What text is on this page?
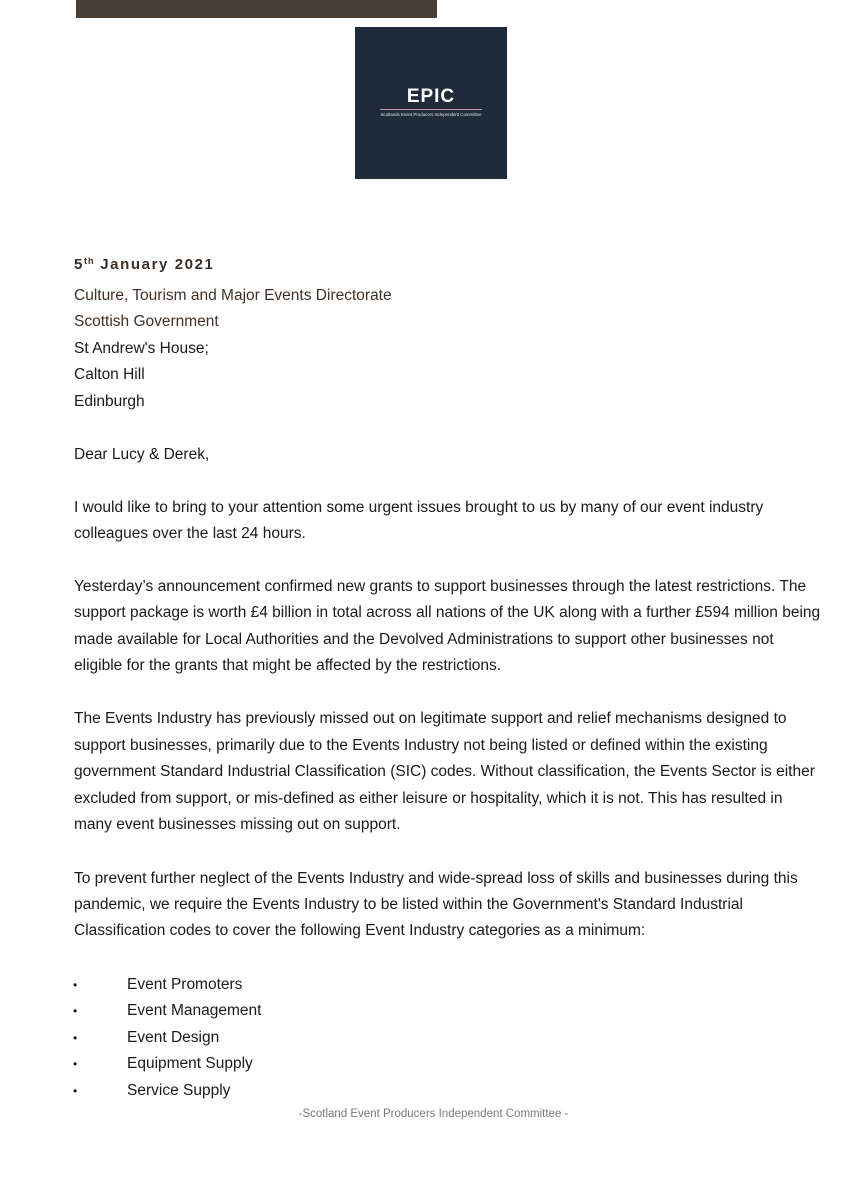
EPIC
Scotlands Event Producers Independent Committee
5th January 2021
Culture, Tourism and Major Events Directorate
Scottish Government
St Andrew's House;
Calton Hill
Edinburgh
Dear Lucy & Derek,
I would like to bring to your attention some urgent issues brought to us by many of our event industry
colleagues over the last 24 hours.
Yesterday’s announcement confirmed new grants to support businesses through the latest restrictions. The
support package is worth £4 billion in total across all nations of the UK along with a further £594 million being
made available for Local Authorities and the Devolved Administrations to support other businesses not
eligible for the grants that might be affected by the restrictions.
The Events Industry has previously missed out on legitimate support and relief mechanisms designed to
support businesses, primarily due to the Events Industry not being listed or defined within the existing
government Standard Industrial Classification (SIC) codes. Without classification, the Events Sector is either
excluded from support, or mis-defined as either leisure or hospitality, which it is not. This has resulted in
many event businesses missing out on support.
To prevent further neglect of the Events Industry and wide-spread loss of skills and businesses during this
pandemic, we require the Events Industry to be listed within the Government's Standard Industrial
Classification codes to cover the following Event Industry categories as a minimum:
•	Event Promoters
•	Event Management
•	Event Design
•	Equipment Supply
•	Service Supply
-Scotland Event Producers Independent Committee -
